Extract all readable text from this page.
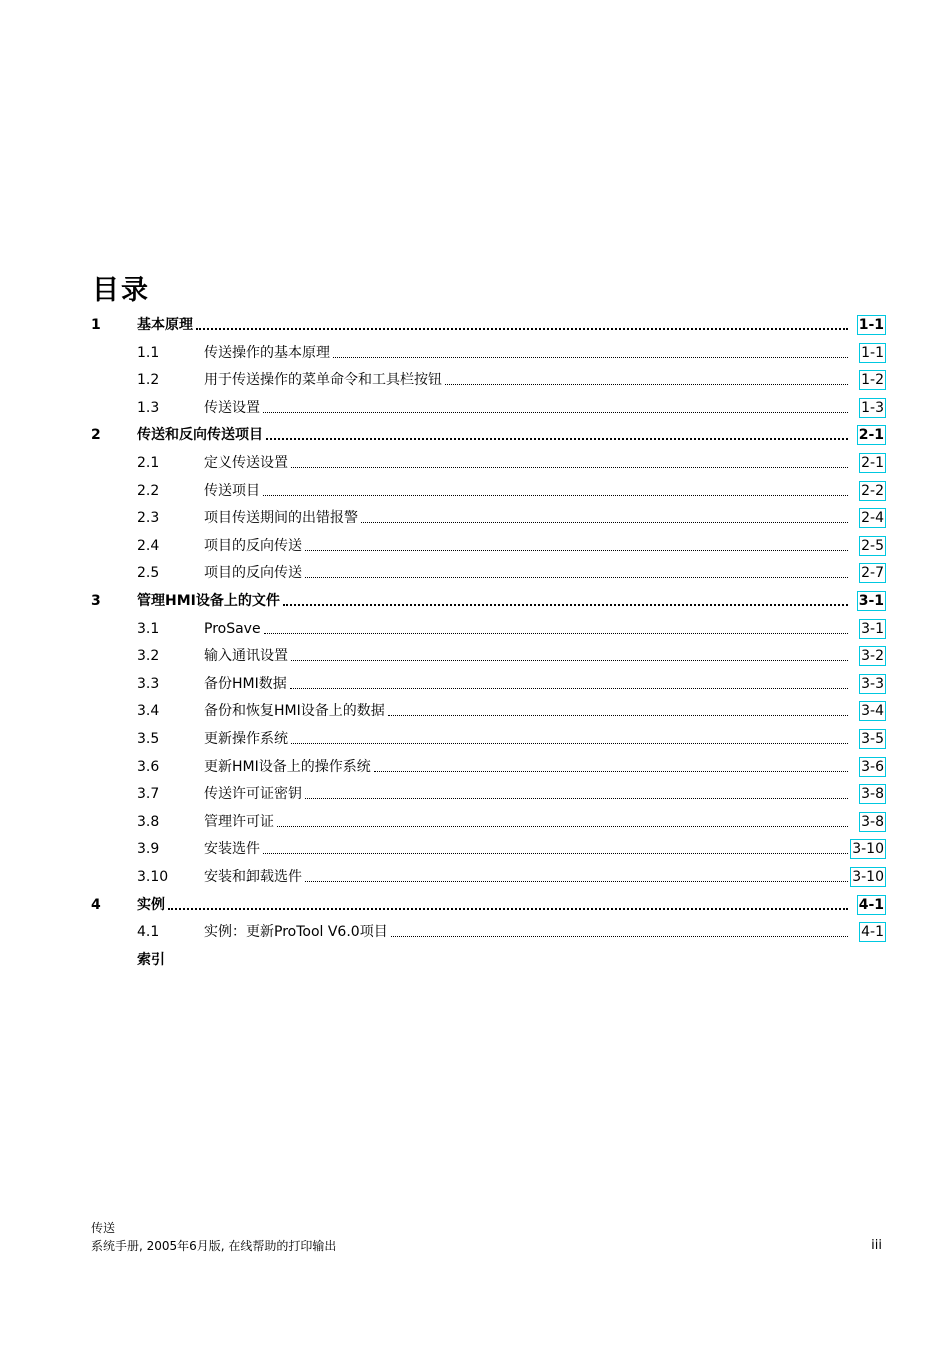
目录
1	基本原理	1-1
1.1	传送操作的基本原理	1-1
1.2	用于传送操作的菜单命令和工具栏按钮	1-2
1.3	传送设置	1-3
2	传送和反向传送项目	2-1
2.1	定义传送设置	2-1
2.2	传送项目	2-2
2.3	项目传送期间的出错报警	2-4
2.4	项目的反向传送	2-5
2.5	项目的反向传送	2-7
3	管理HMI设备上的文件	3-1
3.1	ProSave	3-1
3.2	输入通讯设置	3-2
3.3	备份HMI数据	3-3
3.4	备份和恢复HMI设备上的数据	3-4
3.5	更新操作系统	3-5
3.6	更新HMI设备上的操作系统	3-6
3.7	传送许可证密钥	3-8
3.8	管理许可证	3-8
3.9	安装选件	3-10
3.10	安装和卸载选件	3-10
4	实例	4-1
4.1	实例：更新ProTool V6.0项目	4-1
索引
传送
系统手册, 2005年6月版, 在线帮助的打印输出	iii
